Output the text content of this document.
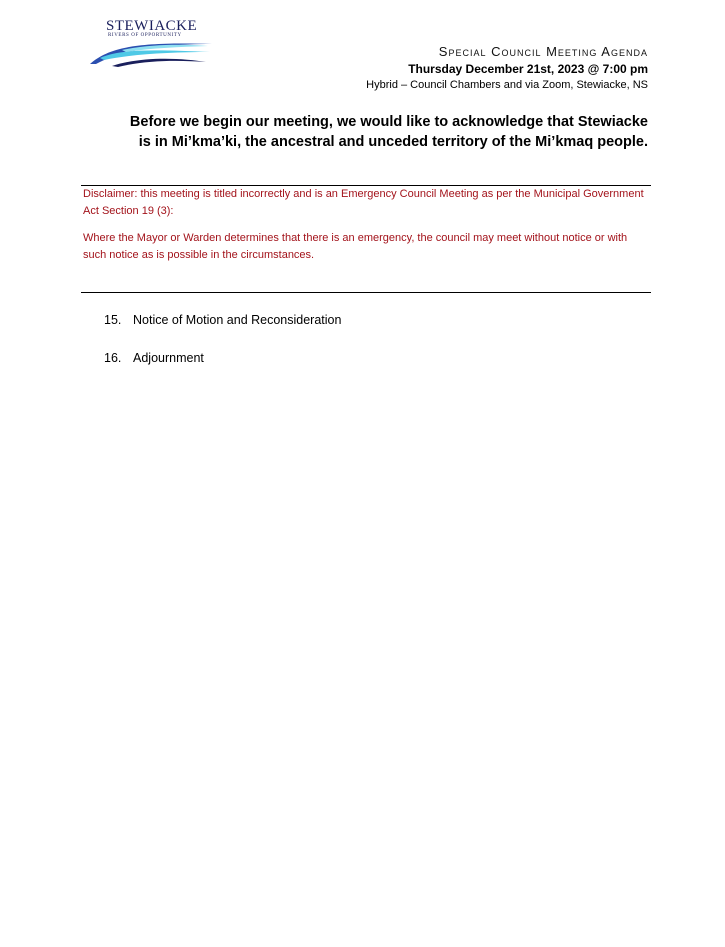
STEWIACKE
RIVERS OF OPPORTUNITY
Special Council Meeting Agenda
Thursday December 21st, 2023 @ 7:00 pm
Hybrid – Council Chambers and via Zoom, Stewiacke, NS
Before we begin our meeting, we would like to acknowledge that Stewiacke
is in Mi’kma’ki, the ancestral and unceded territory of the Mi’kmaq people.

Disclaimer: this meeting is titled incorrectly and is an Emergency Council Meeting as per the Municipal Government Act Section 19 (3):

Where the Mayor or Warden determines that there is an emergency, the council may meet without notice or with such notice as is possible in the circumstances.

15. Notice of Motion and Reconsideration
16. Adjournment
